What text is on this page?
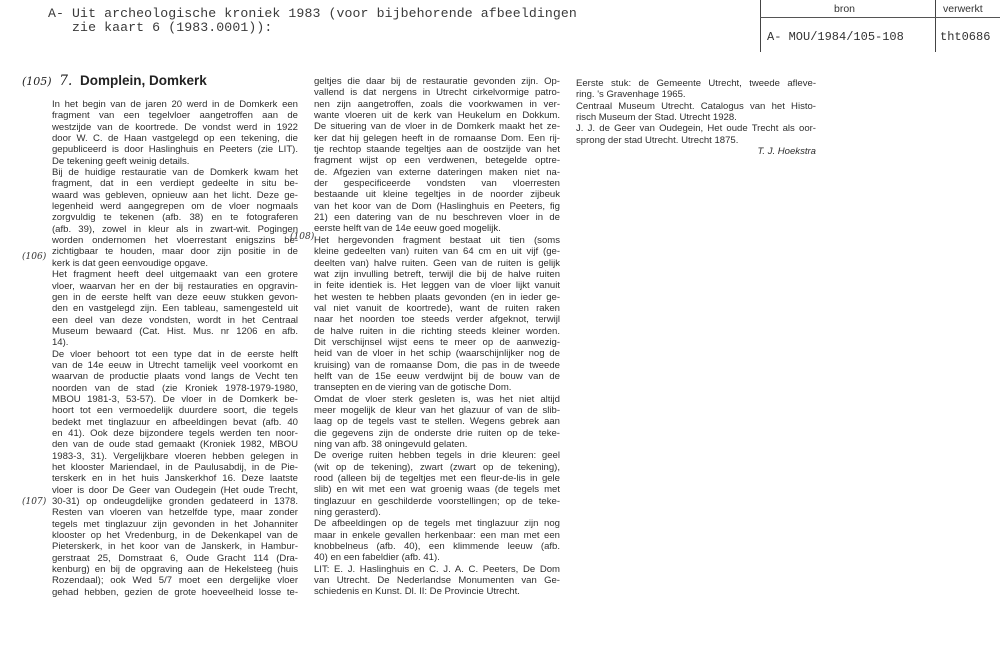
A- Uit archeologische kroniek 1983 (voor bijbehorende afbeeldingen
zie kaart 6 (1983.0001)):
bron	verwerkt
A- MOU/1984/105-108	tht0686
(105) 7. Domplein, Domkerk
(106)
(108)
(107)
In het begin van de jaren 20 werd in de Domkerk een
fragment van een tegelvloer aangetroffen aan de
westzijde van de koortrede. De vondst werd in 1922
door W. C. de Haan vastgelegd op een tekening, die
gepubliceerd is door Haslinghuis en Peeters (zie LIT).
De tekening geeft weinig details.
Bij de huidige restauratie van de Domkerk kwam het
fragment, dat in een verdiept gedeelte in situ be-
waard was gebleven, opnieuw aan het licht. Deze ge-
legenheid werd aangegrepen om de vloer nogmaals
zorgvuldig te tekenen (afb. 38) en te fotograferen
(afb. 39), zowel in kleur als in zwart-wit. Pogingen
worden ondernomen het vloerrestant enigszins be-
zichtigbaar te houden, maar door zijn positie in de
kerk is dat geen eenvoudige opgave.
Het fragment heeft deel uitgemaakt van een grotere
vloer, waarvan her en der bij restauraties en opgravin-
gen in de eerste helft van deze eeuw stukken gevon-
den en vastgelegd zijn. Een tableau, samengesteld uit
een deel van deze vondsten, wordt in het Centraal
Museum bewaard (Cat. Hist. Mus. nr 1206 en afb.
14).
De vloer behoort tot een type dat in de eerste helft
van de 14e eeuw in Utrecht tamelijk veel voorkomt en
waarvan de productie plaats vond langs de Vecht ten
noorden van de stad (zie Kroniek 1978-1979-1980,
MBOU 1981-3, 53-57). De vloer in de Domkerk be-
hoort tot een vermoedelijk duurdere soort, die tegels
bedekt met tinglazuur en afbeeldingen bevat (afb. 40
en 41). Ook deze bijzondere tegels werden ten noor-
den van de oude stad gemaakt (Kroniek 1982, MBOU
1983-3, 31). Vergelijkbare vloeren hebben gelegen in
het klooster Mariendael, in de Paulusabdij, in de Pie-
terskerk en in het huis Janskerkhof 16. Deze laatste
vloer is door De Geer van Oudegein (Het oude Trecht,
30-31) op ondeugdelijke gronden gedateerd in 1378.
Resten van vloeren van hetzelfde type, maar zonder
tegels met tinglazuur zijn gevonden in het Johanniter
klooster op het Vredenburg, in de Dekenkapel van de
Pieterskerk, in het koor van de Janskerk, in Hambur-
gerstraat 25, Domstraat 6, Oude Gracht 114 (Dra-
kenburg) en bij de opgraving aan de Hekelsteeg (huis
Rozendaal); ook Wed 5/7 moet een dergelijke vloer
gehad hebben, gezien de grote hoeveelheid losse te-
geltjes die daar bij de restauratie gevonden zijn. Op-
vallend is dat nergens in Utrecht cirkelvormige patro-
nen zijn aangetroffen, zoals die voorkwamen in ver-
wante vloeren uit de kerk van Heukelum en Dokkum.
De situering van de vloer in de Domkerk maakt het ze-
ker dat hij gelegen heeft in de romaanse Dom. Een rij-
tje rechtop staande tegeltjes aan de oostzijde van het
fragment wijst op een verdwenen, betegelde optre-
de. Afgezien van externe dateringen maken niet na-
der gespecificeerde vondsten van vloerresten
bestaande uit kleine tegeltjes in de noorder zijbeuk
van het koor van de Dom (Haslinghuis en Peeters, fig
21) een datering van de nu beschreven vloer in de
eerste helft van de 14e eeuw goed mogelijk.
Het hergevonden fragment bestaat uit tien (soms
kleine gedeelten van) ruiten van 64 cm en uit vijf (ge-
deelten van) halve ruiten. Geen van de ruiten is gelijk
wat zijn invulling betreft, terwijl die bij de halve ruiten
in feite identiek is. Het leggen van de vloer lijkt vanuit
het westen te hebben plaats gevonden (en in ieder ge-
val niet vanuit de koortrede), want de ruiten raken
naar het noorden toe steeds verder afgeknot, terwijl
de halve ruiten in die richting steeds kleiner worden.
Dit verschijnsel wijst eens te meer op de aanwezig-
heid van de vloer in het schip (waarschijnlijker nog de
kruising) van de romaanse Dom, die pas in de tweede
helft van de 15e eeuw verdwijnt bij de bouw van de
transepten en de viering van de gotische Dom.
Omdat de vloer sterk gesleten is, was het niet altijd
meer mogelijk de kleur van het glazuur of van de slib-
laag op de tegels vast te stellen. Wegens gebrek aan
die gegevens zijn de onderste drie ruiten op de teke-
ning van afb. 38 oningevuld gelaten.
De overige ruiten hebben tegels in drie kleuren: geel
(wit op de tekening), zwart (zwart op de tekening),
rood (alleen bij de tegeltjes met een fleur-de-lis in gele
slib) en wit met een wat groenig waas (de tegels met
tinglazuur en geschilderde voorstellingen; op de teke-
ning gerasterd).
De afbeeldingen op de tegels met tinglazuur zijn nog
maar in enkele gevallen herkenbaar: een man met een
knobbelneus (afb. 40), een klimmende leeuw (afb.
40) en een fabeldier (afb. 41).
LIT: E. J. Haslinghuis en C. J. A. C. Peeters, De Dom
van Utrecht. De Nederlandse Monumenten van Ge-
schiedenis en Kunst. Dl. II: De Provincie Utrecht.
Eerste stuk: de Gemeente Utrecht, tweede afleve-
ring. 's Gravenhage 1965.
Centraal Museum Utrecht. Catalogus van het Histo-
risch Museum der Stad. Utrecht 1928.
J. J. de Geer van Oudegein, Het oude Trecht als oor-
sprong der stad Utrecht. Utrecht 1875.
T. J. Hoekstra
